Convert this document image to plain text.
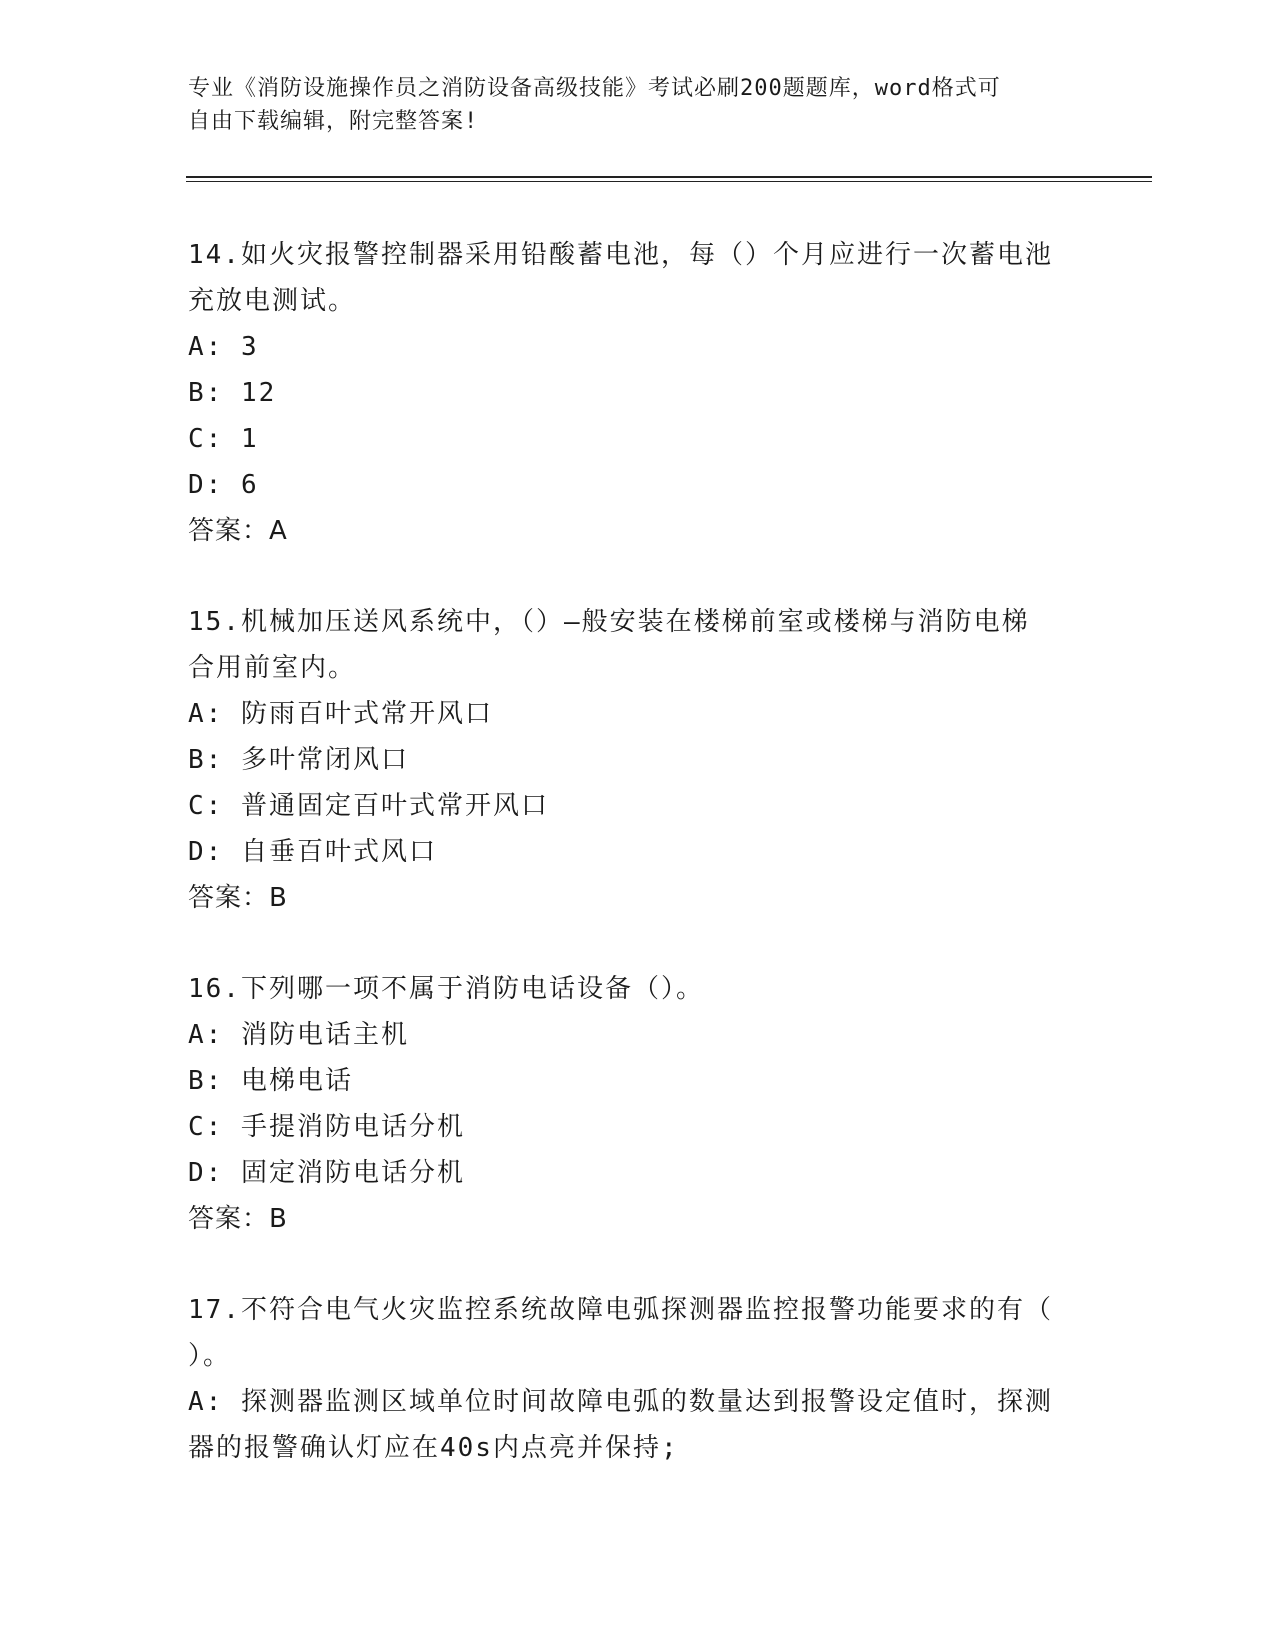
专业《消防设施操作员之消防设备高级技能》考试必刷200题题库，word格式可
自由下载编辑，附完整答案!
14.如火灾报警控制器采用铅酸蓄电池，每（）个月应进行一次蓄电池
充放电测试。
A: 3
B: 12
C: 1
D: 6
答案：A
15.机械加压送风系统中，（）—般安装在楼梯前室或楼梯与消防电梯
合用前室内。
A: 防雨百叶式常开风口
B: 多叶常闭风口
C: 普通固定百叶式常开风口
D: 自垂百叶式风口
答案：B
16.下列哪一项不属于消防电话设备（）。
A: 消防电话主机
B: 电梯电话
C: 手提消防电话分机
D: 固定消防电话分机
答案：B
17.不符合电气火灾监控系统故障电弧探测器监控报警功能要求的有（
）。
A: 探测器监测区域单位时间故障电弧的数量达到报警设定值时，探测
器的报警确认灯应在40s内点亮并保持;
